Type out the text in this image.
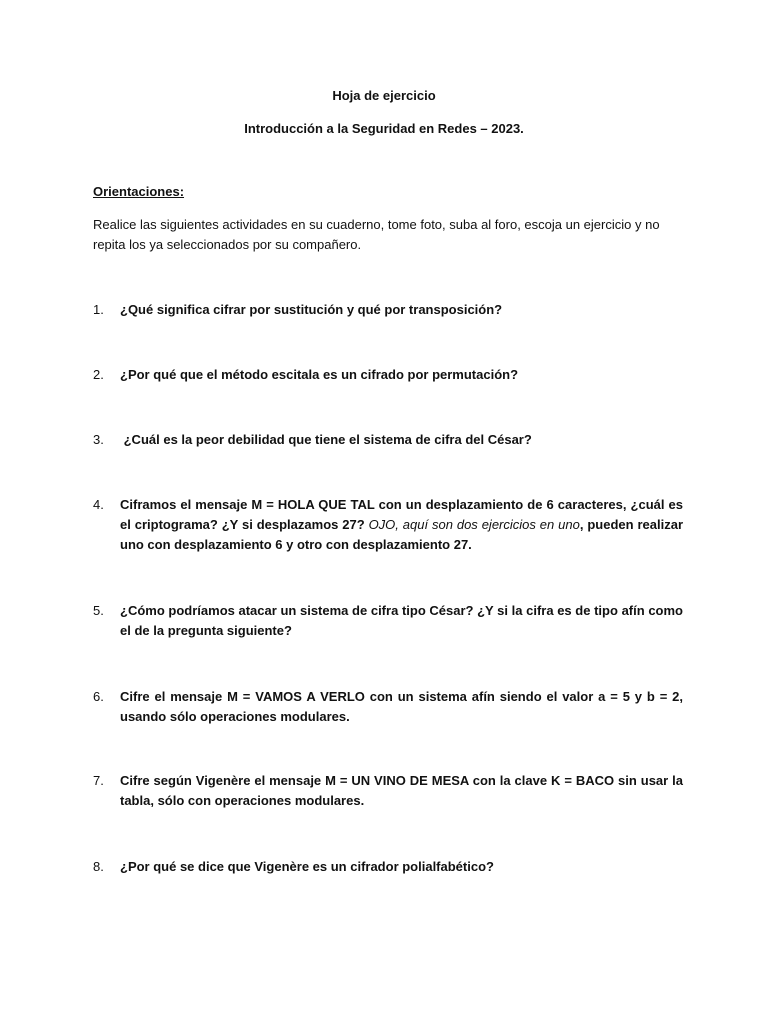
Hoja de ejercicio
Introducción a la Seguridad en Redes – 2023.
Orientaciones:
Realice las siguientes actividades en su cuaderno, tome foto, suba al foro, escoja un ejercicio y no repita los ya seleccionados por su compañero.
1.	¿Qué significa cifrar por sustitución y qué por transposición?
2.	¿Por qué que el método escitala es un cifrado por permutación?
3.	¿Cuál es la peor debilidad que tiene el sistema de cifra del César?
4.	Ciframos el mensaje M = HOLA QUE TAL con un desplazamiento de 6 caracteres, ¿cuál es el criptograma? ¿Y si desplazamos 27? OJO, aquí son dos ejercicios en uno, pueden realizar uno con desplazamiento 6 y otro con desplazamiento 27.
5.	¿Cómo podríamos atacar un sistema de cifra tipo César? ¿Y si la cifra es de tipo afín como el de la pregunta siguiente?
6.	Cifre el mensaje M = VAMOS A VERLO con un sistema afín siendo el valor a = 5 y b = 2, usando sólo operaciones modulares.
7.	Cifre según Vigenère el mensaje M = UN VINO DE MESA con la clave K = BACO sin usar la tabla, sólo con operaciones modulares.
8.	¿Por qué se dice que Vigenère es un cifrador polialfabético?
